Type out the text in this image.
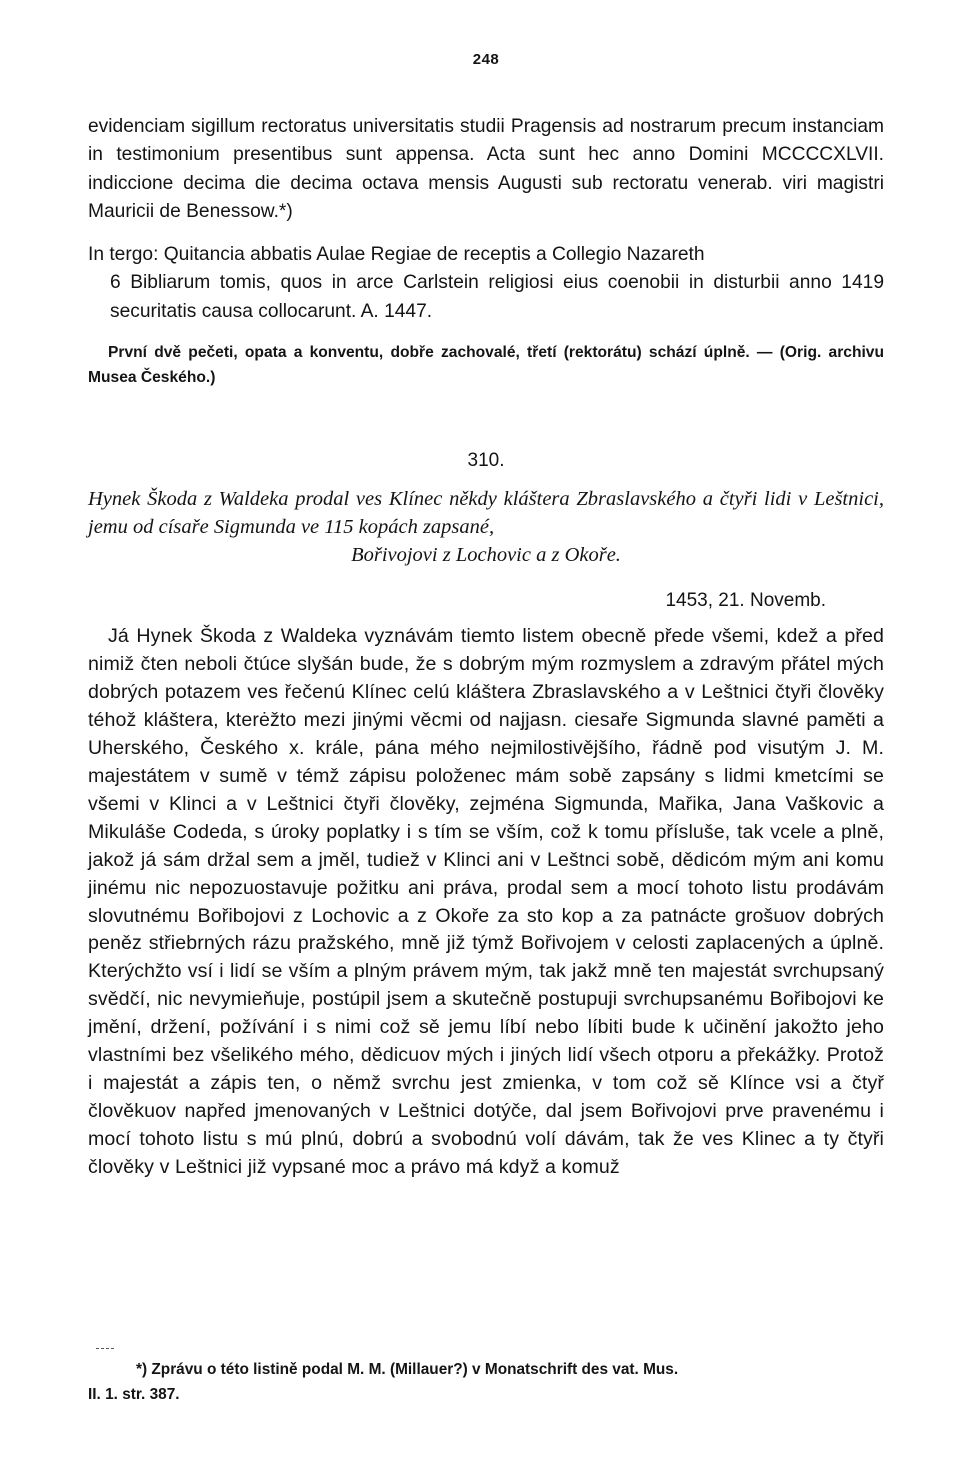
248

evidenciam sigillum rectoratus universitatis studii Pragensis ad nostrarum precum instanciam in testimonium presentibus sunt appensa. Acta sunt hec anno Domini MCCCCXLVII. indiccione decima die decima octava mensis Augusti sub rectoratu venerab. viri magistri Mauricii de Benessow.*)

In tergo: Quitancia abbatis Aulae Regiae de receptis a Collegio Nazareth
6 Bibliarum tomis, quos in arce Carlstein religiosi eius coenobii in disturbii anno 1419 securitatis causa collocarunt. A. 1447.

První dvě pečeti, opata a konventu, dobře zachovalé, třetí (rektorátu) schází úplně. — (Orig. archivu Musea Českého.)

310.

Hynek Škoda z Waldeka prodal ves Klínec někdy kláštera Zbraslavského a čtyři lidi v Leštnici, jemu od císaře Sigmunda ve 115 kopách zapsané,
Bořivojovi z Lochovic a z Okoře.

1453, 21. Novemb.

Já Hynek Škoda z Waldeka vyznávám tiemto listem obecně přede všemi, kdež a před nimiž čten neboli čtúce slyšán bude, že s dobrým mým rozmyslem a zdravým přátel mých dobrých potazem ves řečenú Klínec celú kláštera Zbraslavského a v Leštnici čtyři člověky téhož kláštera, kterėžto mezi jinými věcmi od najjasn. ciesaře Sigmunda slavné paměti a Uherského, Českého x. krále, pána mého nejmilostivějšího, řádně pod visutým J. M. majestátem v sumě v témž zápisu položenec mám sobě zapsány s lidmi kmetcími se všemi v Klinci a v Leštnici čtyři člověky, zejména Sigmunda, Mařika, Jana Vaškovic a Mikuláše Codeda, s úroky poplatky i s tím se vším, což k tomu přísluše, tak vcele a plně, jakož já sám držal sem a jměl, tudiež v Klinci ani v Leštnci sobě, dědicóm mým ani komu jinému nic nepozuostavuje požitku ani práva, prodal sem a mocí tohoto listu prodávám slovutnému Bořibojovi z Lochovic a z Okoře za sto kop a za patnácte grošuov dobrých peněz střiebrných rázu pražského, mně již týmž Bořivojem v celosti zaplacených a úplně. Kterýchžto vsí i lidí se vším a plným právem mým, tak jakž mně ten majestát svrchupsaný svědčí, nic nevymieňuje, postúpil jsem a skutečně postupuji svrchupsanému Bořibojovi ke jmění, držení, požívání i s nimi což sě jemu líbí nebo líbiti bude k učinění jakožto jeho vlastními bez všelikého mého, dědicuov mých i jiných lidí všech otporu a překážky. Protož i majestát a zápis ten, o němž svrchu jest zmienka, v tom což sě Klínce vsi a čtyř člověkuov napřed jmenovaných v Leštnici dotýče, dal jsem Bořivojovi prve pravenému i mocí tohoto listu s mú plnú, dobrú a svobodnú volí dávám, tak že ves Klinec a ty čtyři člověky v Leštnici již vypsané moc a právo má když a komuž

*) Zprávu o této listině podal M. M. (Millauer?) v Monatschrift des vat. Mus.
II. 1. str. 387.
